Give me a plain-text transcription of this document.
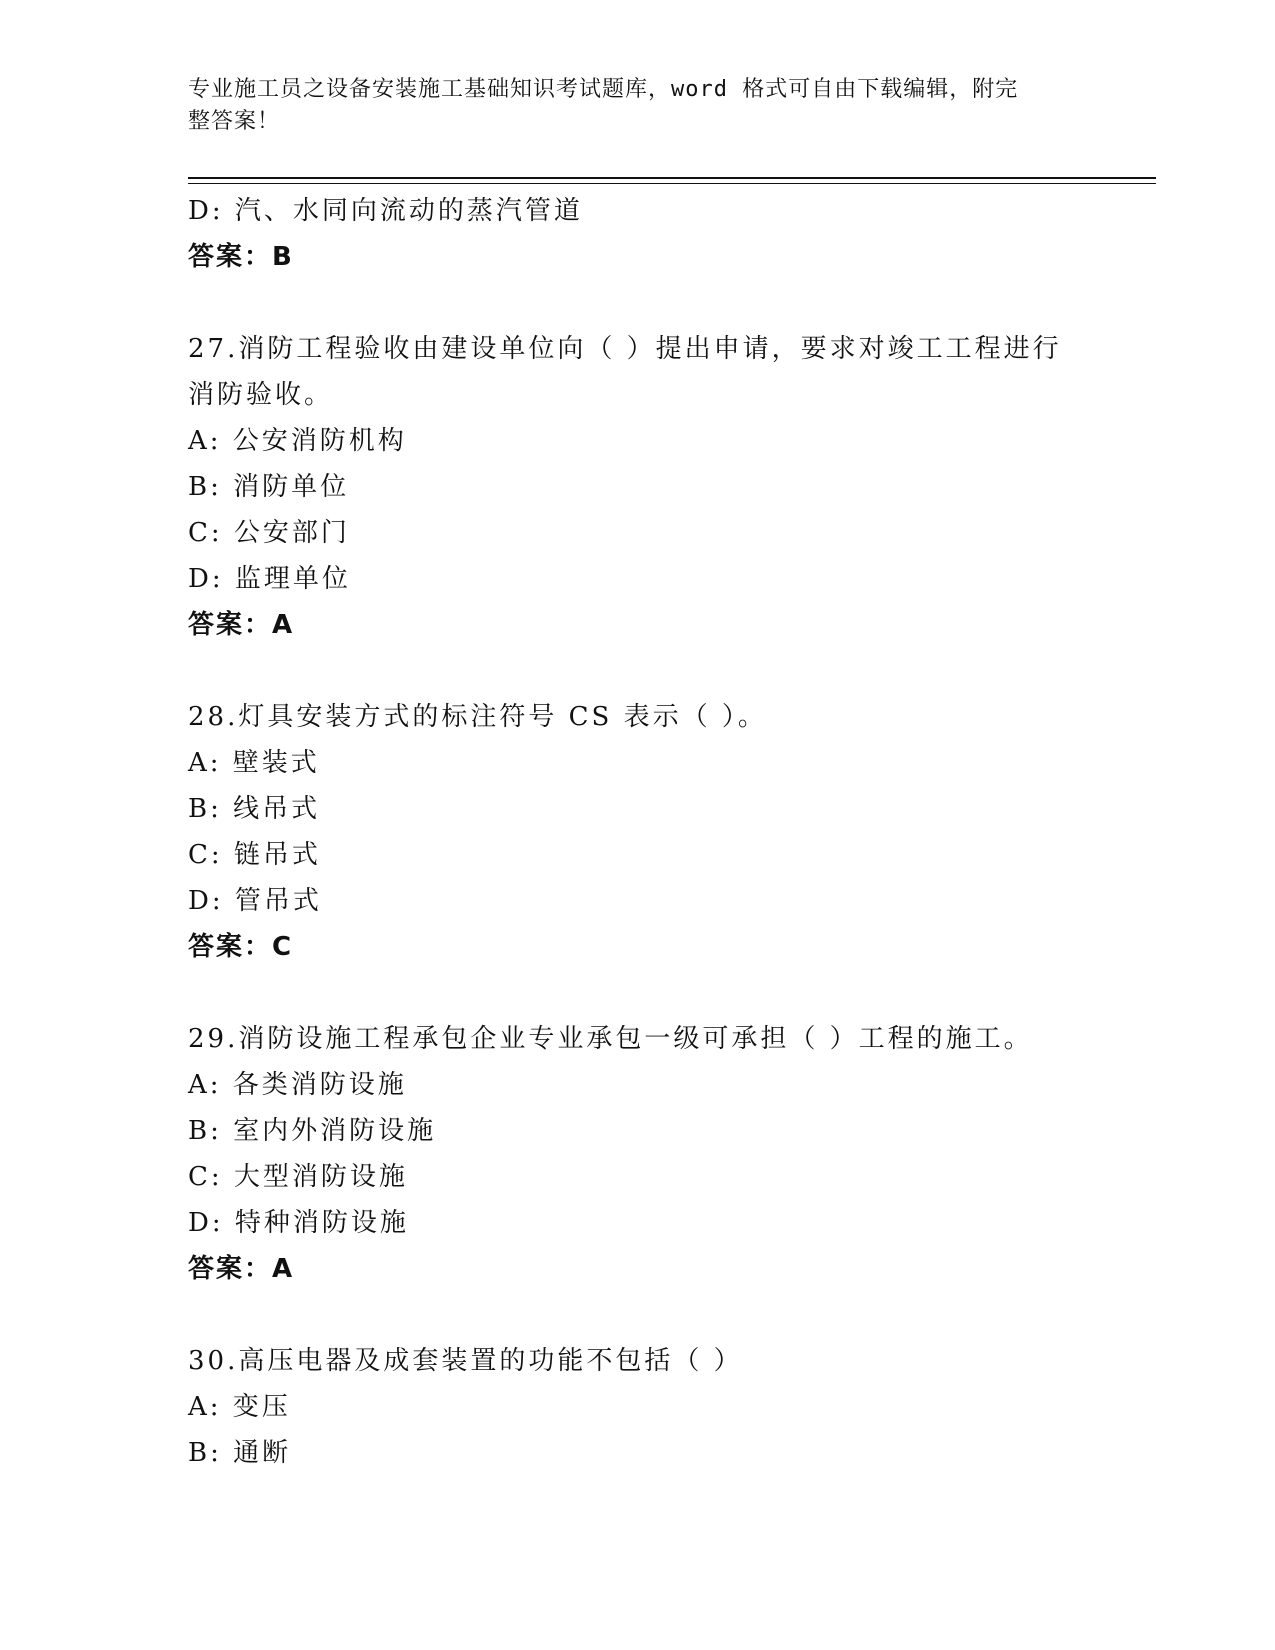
专业施工员之设备安装施工基础知识考试题库，word 格式可自由下载编辑，附完
整答案！
D: 汽、水同向流动的蒸汽管道
答案：B
27.消防工程验收由建设单位向（ ）提出申请，要求对竣工工程进行
消防验收。
A: 公安消防机构
B: 消防单位
C: 公安部门
D: 监理单位
答案：A
28.灯具安装方式的标注符号 CS 表示（ ）。
A: 壁装式
B: 线吊式
C: 链吊式
D: 管吊式
答案：C
29.消防设施工程承包企业专业承包一级可承担（ ）工程的施工。
A: 各类消防设施
B: 室内外消防设施
C: 大型消防设施
D: 特种消防设施
答案：A
30.高压电器及成套装置的功能不包括（ ）
A: 变压
B: 通断
